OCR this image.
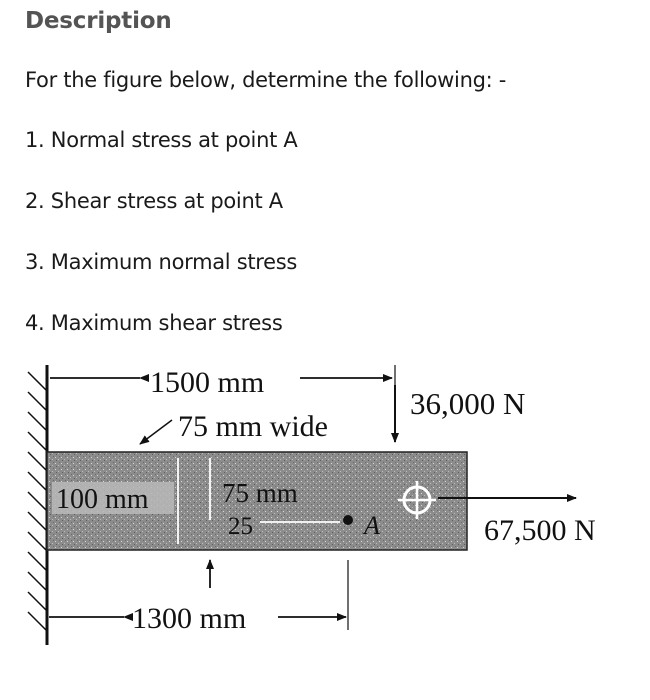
Description
For the figure below, determine the following: -
1. Normal stress at point A
2. Shear stress at point A
3. Maximum normal stress
4. Maximum shear stress
1500 mm
75 mm wide
36,000 N
67,500 N
100 mm	75 mm
25	A
1300 mm
